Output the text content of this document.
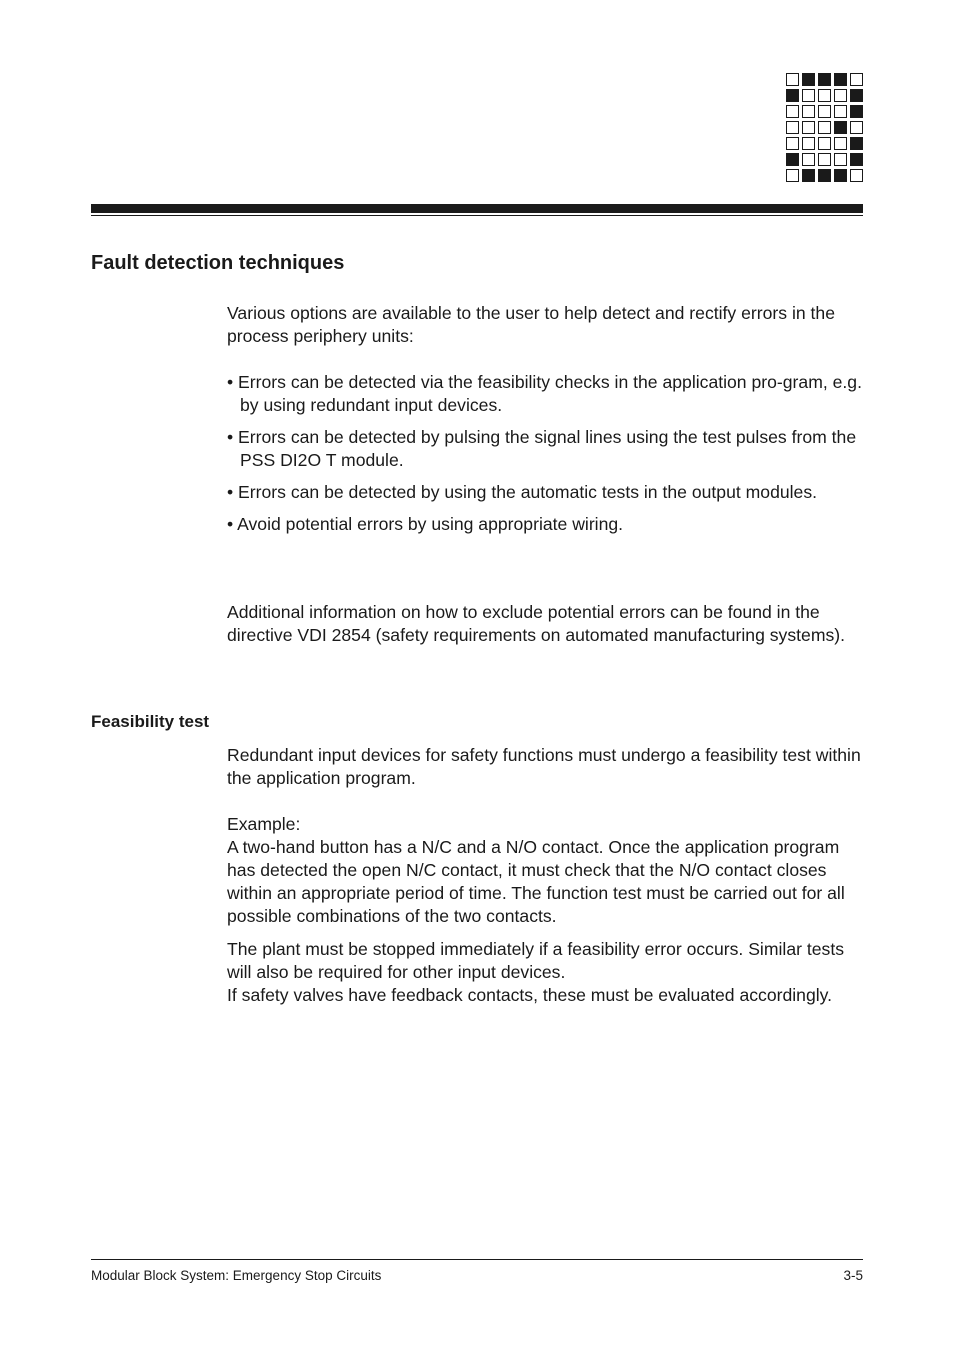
Fault detection techniques

Various options are available to the user to help detect and rectify errors in the process periphery units:

• Errors can be detected via the feasibility checks in the application pro-gram, e.g. by using redundant input devices.
• Errors can be detected by pulsing the signal lines using the test pulses from the PSS DI2O T module.
• Errors can be detected by using the automatic tests in the output modules.
• Avoid potential errors by using appropriate wiring.

Additional information on how to exclude potential errors can be found in the directive VDI 2854 (safety requirements on automated manufacturing systems).

Feasibility test

Redundant input devices for safety functions must undergo a feasibility test within the application program.

Example:

A two-hand button has a N/C and a N/O contact. Once the application program has detected the open N/C contact, it must check that the N/O contact closes within an appropriate period of time. The function test must be carried out for all possible combinations of the two contacts.

The plant must be stopped immediately if a feasibility error occurs. Similar tests will also be required for other input devices.

If safety valves have feedback contacts, these must be evaluated accordingly.

Modular Block System: Emergency Stop Circuits	3-5
